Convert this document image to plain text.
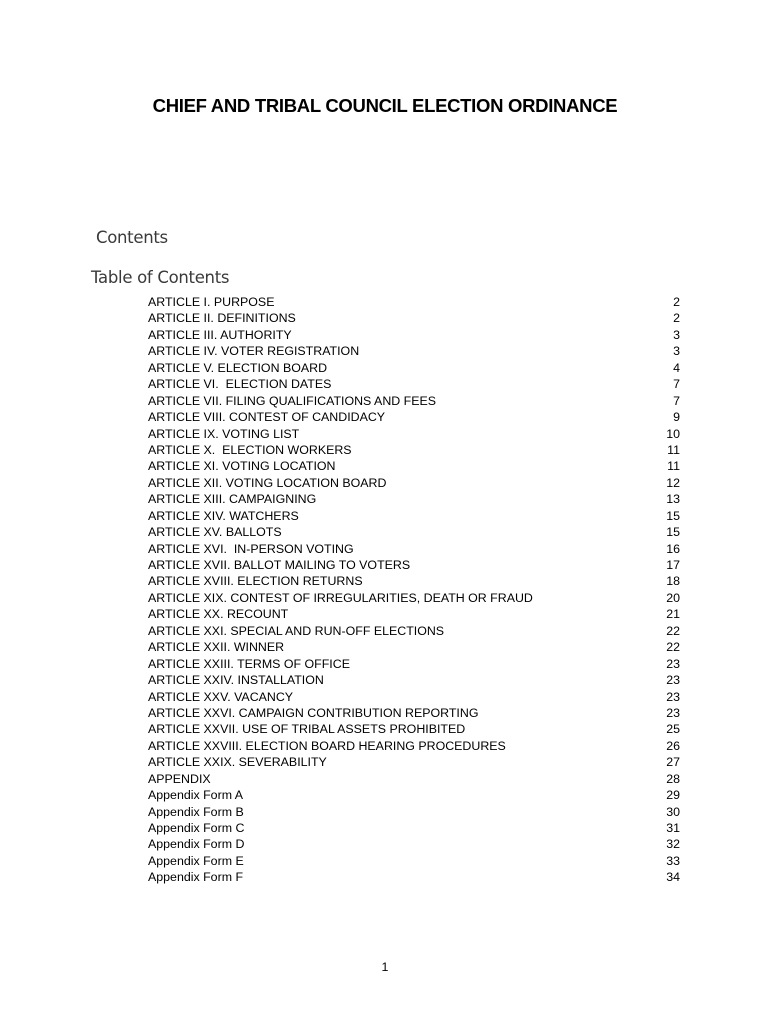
CHIEF AND TRIBAL COUNCIL ELECTION ORDINANCE
Contents
Table of Contents
ARTICLE I. PURPOSE	2
ARTICLE II. DEFINITIONS	2
ARTICLE III. AUTHORITY	3
ARTICLE IV. VOTER REGISTRATION	3
ARTICLE V. ELECTION BOARD	4
ARTICLE VI.  ELECTION DATES	7
ARTICLE VII. FILING QUALIFICATIONS AND FEES	7
ARTICLE VIII. CONTEST OF CANDIDACY	9
ARTICLE IX. VOTING LIST	10
ARTICLE X.  ELECTION WORKERS	11
ARTICLE XI. VOTING LOCATION	11
ARTICLE XII. VOTING LOCATION BOARD	12
ARTICLE XIII. CAMPAIGNING	13
ARTICLE XIV. WATCHERS	15
ARTICLE XV. BALLOTS	15
ARTICLE XVI.  IN-PERSON VOTING	16
ARTICLE XVII. BALLOT MAILING TO VOTERS	17
ARTICLE XVIII. ELECTION RETURNS	18
ARTICLE XIX. CONTEST OF IRREGULARITIES, DEATH OR FRAUD	20
ARTICLE XX. RECOUNT	21
ARTICLE XXI. SPECIAL AND RUN-OFF ELECTIONS	22
ARTICLE XXII. WINNER	22
ARTICLE XXIII. TERMS OF OFFICE	23
ARTICLE XXIV. INSTALLATION	23
ARTICLE XXV. VACANCY	23
ARTICLE XXVI. CAMPAIGN CONTRIBUTION REPORTING	23
ARTICLE XXVII. USE OF TRIBAL ASSETS PROHIBITED	25
ARTICLE XXVIII. ELECTION BOARD HEARING PROCEDURES	26
ARTICLE XXIX. SEVERABILITY	27
APPENDIX	28
Appendix Form A	29
Appendix Form B	30
Appendix Form C	31
Appendix Form D	32
Appendix Form E	33
Appendix Form F	34
1
